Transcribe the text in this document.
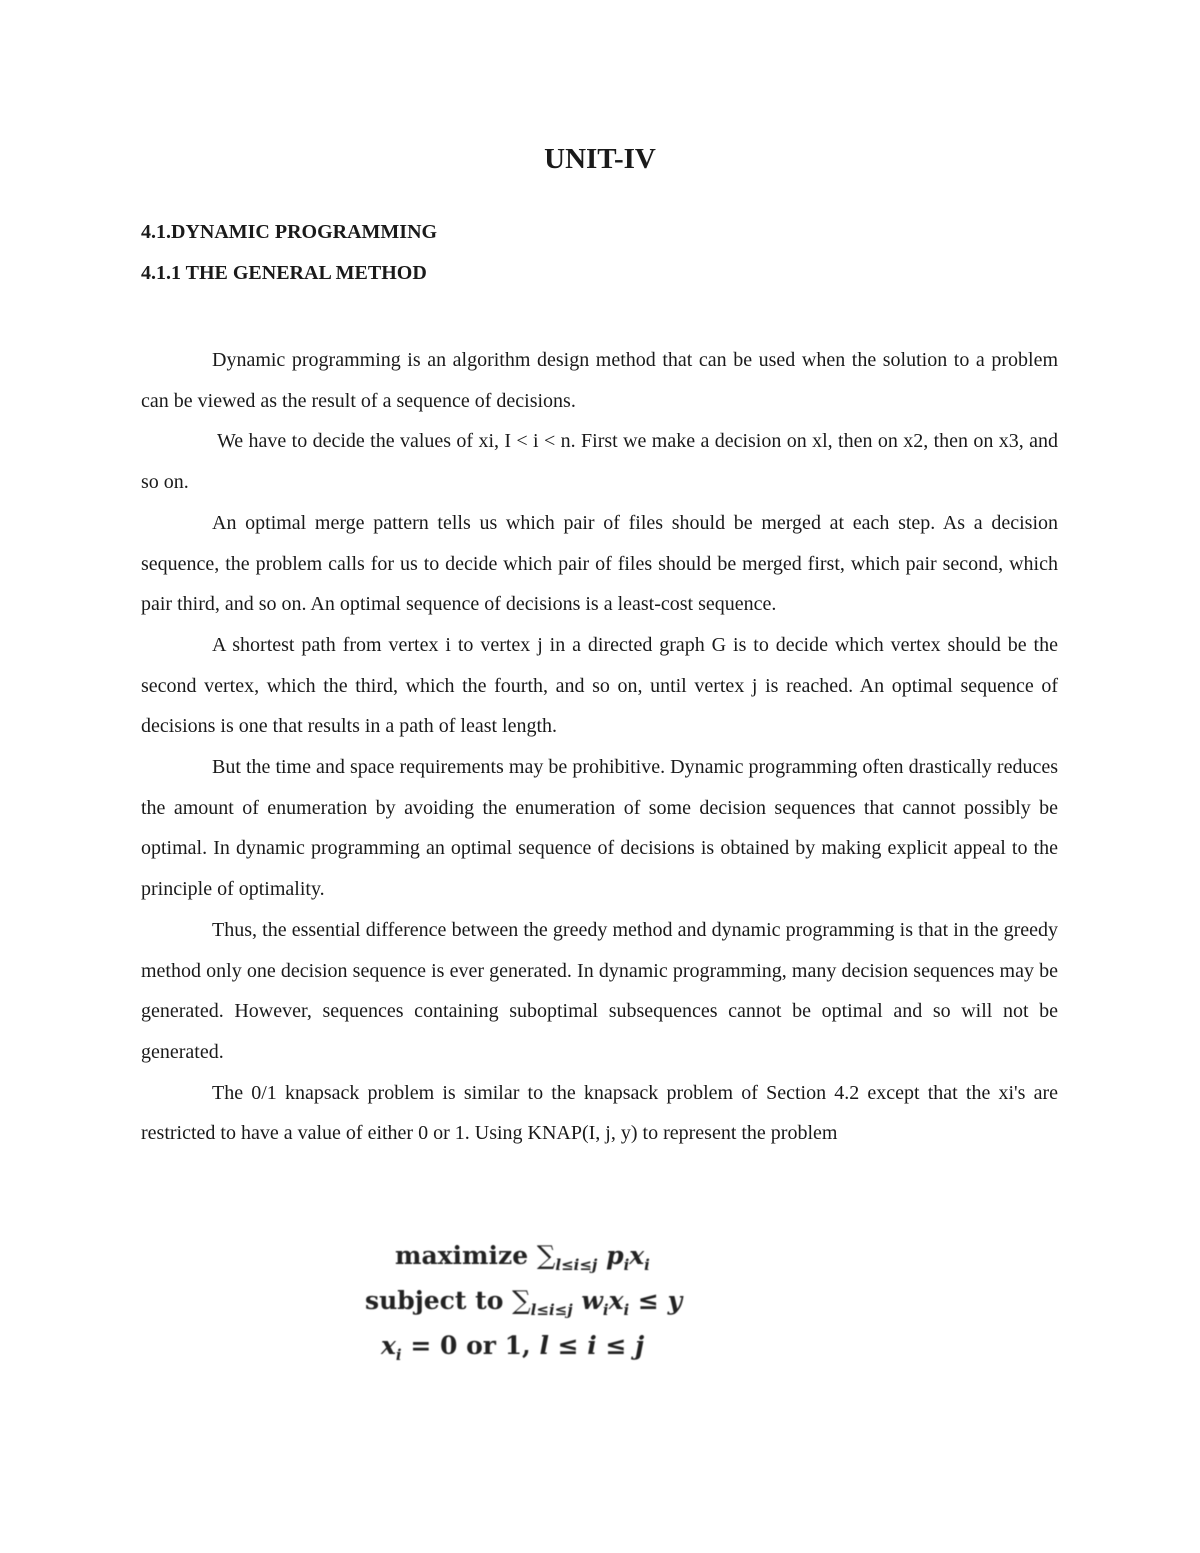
UNIT-IV
4.1.DYNAMIC PROGRAMMING
4.1.1 THE GENERAL METHOD

Dynamic programming is an algorithm design method that can be used when the solution to a problem can be viewed as the result of a sequence of decisions.

We have to decide the values of xi, I < i < n. First we make a decision on xl, then on x2, then on x3, and so on.

An optimal merge pattern tells us which pair of files should be merged at each step. As a decision sequence, the problem calls for us to decide which pair of files should be merged first, which pair second, which pair third, and so on. An optimal sequence of decisions is a least-cost sequence.

A shortest path from vertex i to vertex j in a directed graph G is to decide which vertex should be the second vertex, which the third, which the fourth, and so on, until vertex j is reached. An optimal sequence of decisions is one that results in a path of least length.

But the time and space requirements may be prohibitive. Dynamic programming often drastically reduces the amount of enumeration by avoiding the enumeration of some decision sequences that cannot possibly be optimal. In dynamic programming an optimal sequence of decisions is obtained by making explicit appeal to the principle of optimality.

Thus, the essential difference between the greedy method and dynamic programming is that in the greedy method only one decision sequence is ever generated. In dynamic programming, many decision sequences may be generated. However, sequences containing suboptimal subsequences cannot be optimal and so will not be generated.

The 0/1 knapsack problem is similar to the knapsack problem of Section 4.2 except that the xi's are restricted to have a value of either 0 or 1. Using KNAP(I, j, y) to represent the problem

maximize $\sum_{l\le i\le j}$ $p_ix_i$
subject to $\sum_{l\le i\le j}$ $w_ix_i \le y$
$x_i = 0$ or 1, l ≤ i ≤ j
